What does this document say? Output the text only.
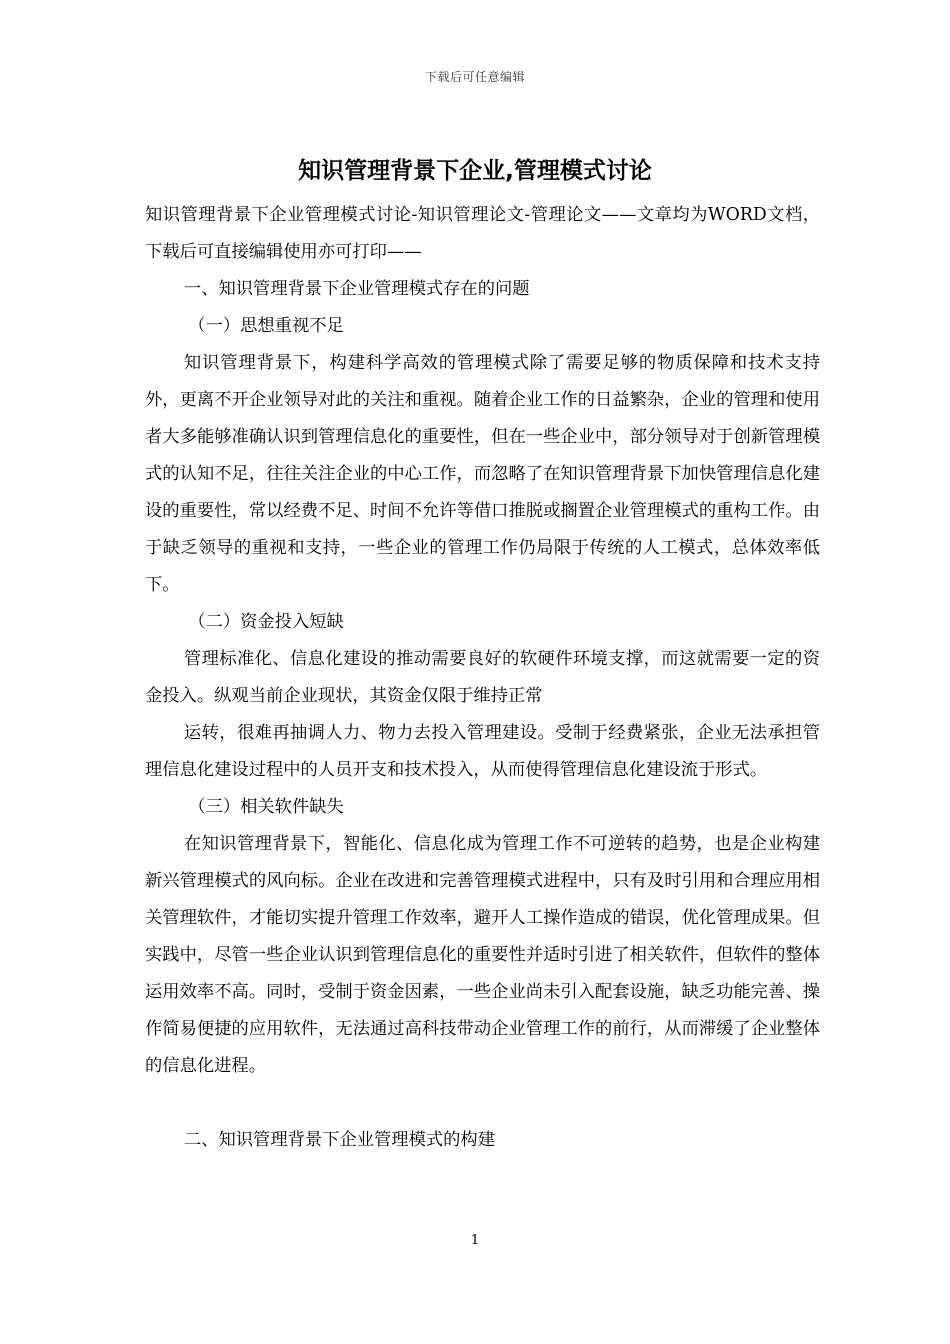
下载后可任意编辑
知识管理背景下企业,管理模式讨论

知识管理背景下企业管理模式讨论-知识管理论文-管理论文——文章均为WORD文档，下载后可直接编辑使用亦可打印——

一、知识管理背景下企业管理模式存在的问题

（一）思想重视不足

知识管理背景下，构建科学高效的管理模式除了需要足够的物质保障和技术支持外，更离不开企业领导对此的关注和重视。随着企业工作的日益繁杂，企业的管理和使用者大多能够准确认识到管理信息化的重要性，但在一些企业中，部分领导对于创新管理模式的认知不足，往往关注企业的中心工作，而忽略了在知识管理背景下加快管理信息化建设的重要性，常以经费不足、时间不允许等借口推脱或搁置企业管理模式的重构工作。由于缺乏领导的重视和支持，一些企业的管理工作仍局限于传统的人工模式，总体效率低下。

（二）资金投入短缺

管理标准化、信息化建设的推动需要良好的软硬件环境支撑，而这就需要一定的资金投入。纵观当前企业现状，其资金仅限于维持正常

运转，很难再抽调人力、物力去投入管理建设。受制于经费紧张，企业无法承担管理信息化建设过程中的人员开支和技术投入，从而使得管理信息化建设流于形式。

（三）相关软件缺失

在知识管理背景下，智能化、信息化成为管理工作不可逆转的趋势，也是企业构建新兴管理模式的风向标。企业在改进和完善管理模式进程中，只有及时引用和合理应用相关管理软件，才能切实提升管理工作效率，避开人工操作造成的错误，优化管理成果。但实践中，尽管一些企业认识到管理信息化的重要性并适时引进了相关软件，但软件的整体运用效率不高。同时，受制于资金因素，一些企业尚未引入配套设施，缺乏功能完善、操作简易便捷的应用软件，无法通过高科技带动企业管理工作的前行，从而滞缓了企业整体的信息化进程。

二、知识管理背景下企业管理模式的构建

1
